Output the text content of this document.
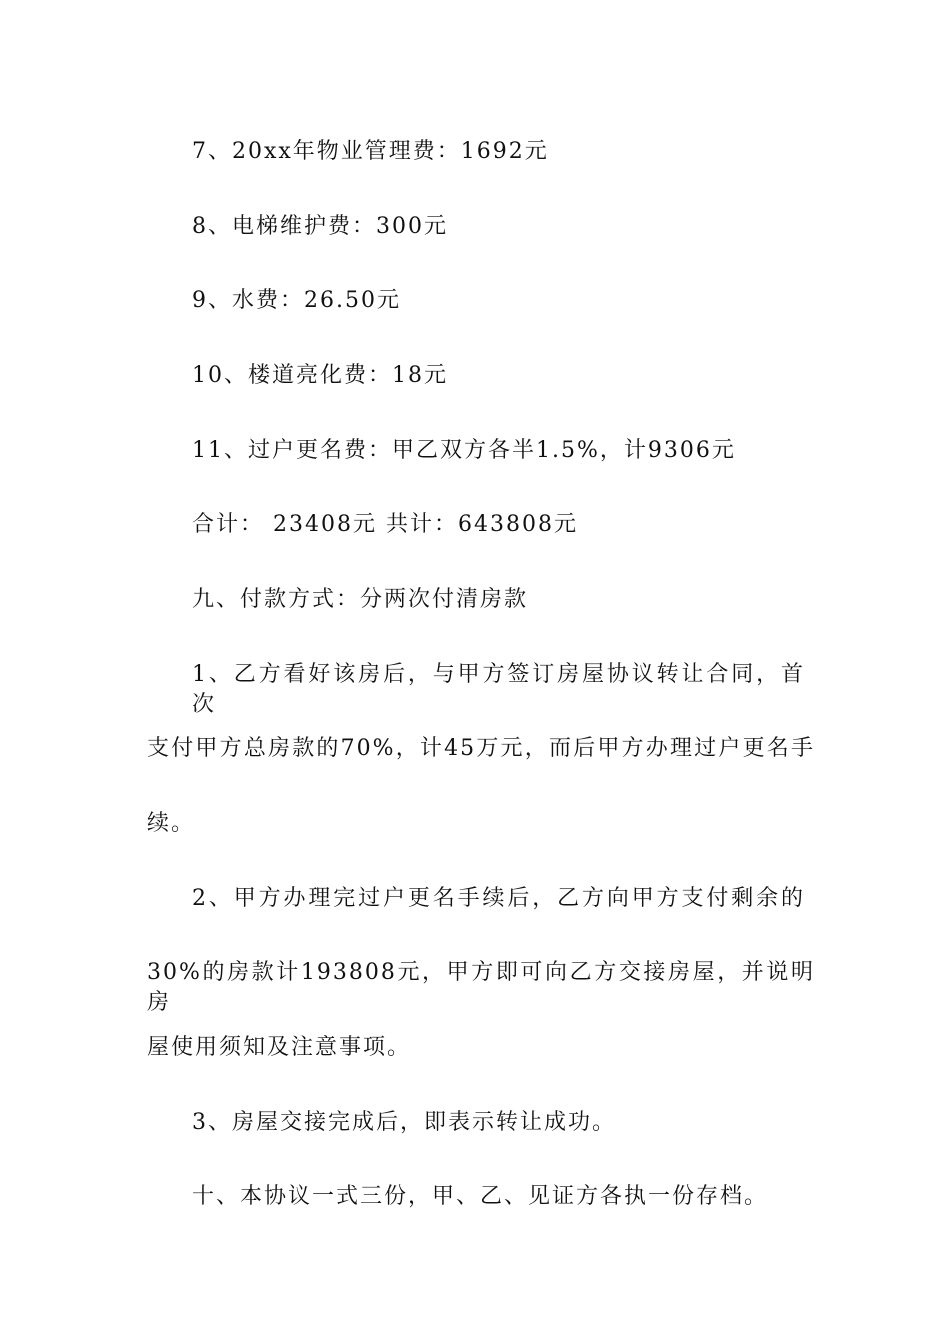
7、20xx年物业管理费：1692元
8、电梯维护费：300元
9、水费：26.50元
10、楼道亮化费：18元
11、过户更名费：甲乙双方各半1.5%，计9306元
合计： 23408元 共计：643808元
九、付款方式：分两次付清房款
1、乙方看好该房后，与甲方签订房屋协议转让合同，首次
支付甲方总房款的70%，计45万元，而后甲方办理过户更名手
续。
2、甲方办理完过户更名手续后，乙方向甲方支付剩余的
30%的房款计193808元，甲方即可向乙方交接房屋，并说明房
屋使用须知及注意事项。
3、房屋交接完成后，即表示转让成功。
十、本协议一式三份，甲、乙、见证方各执一份存档。
